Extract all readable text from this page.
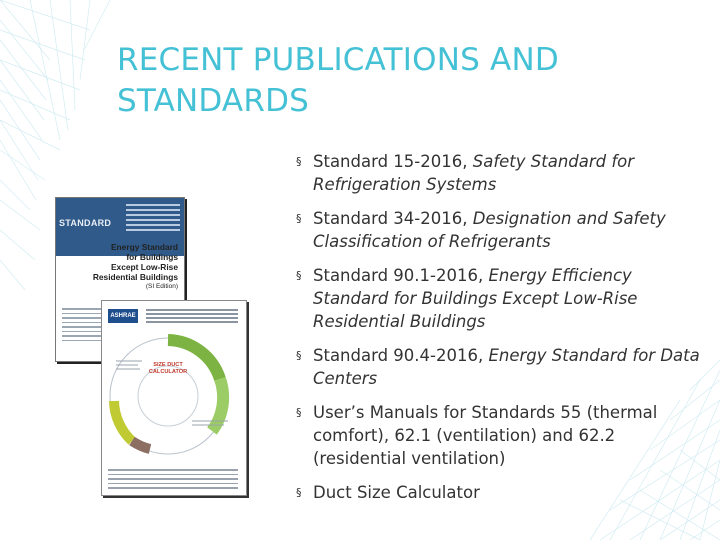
RECENT PUBLICATIONS AND STANDARDS
STANDARD
Energy Standard
for Buildings
Except Low-Rise
Residential Buildings
(SI Edition)
ASHRAE
SIZE DUCT
CALCULATOR
§ Standard 15-2016, Safety Standard for Refrigeration Systems
§ Standard 34-2016, Designation and Safety Classification of Refrigerants
§ Standard 90.1-2016, Energy Efficiency Standard for Buildings Except Low-Rise Residential Buildings
§ Standard 90.4-2016, Energy Standard for Data Centers
§ User’s Manuals for Standards 55 (thermal comfort), 62.1 (ventilation) and 62.2 (residential ventilation)
§ Duct Size Calculator
